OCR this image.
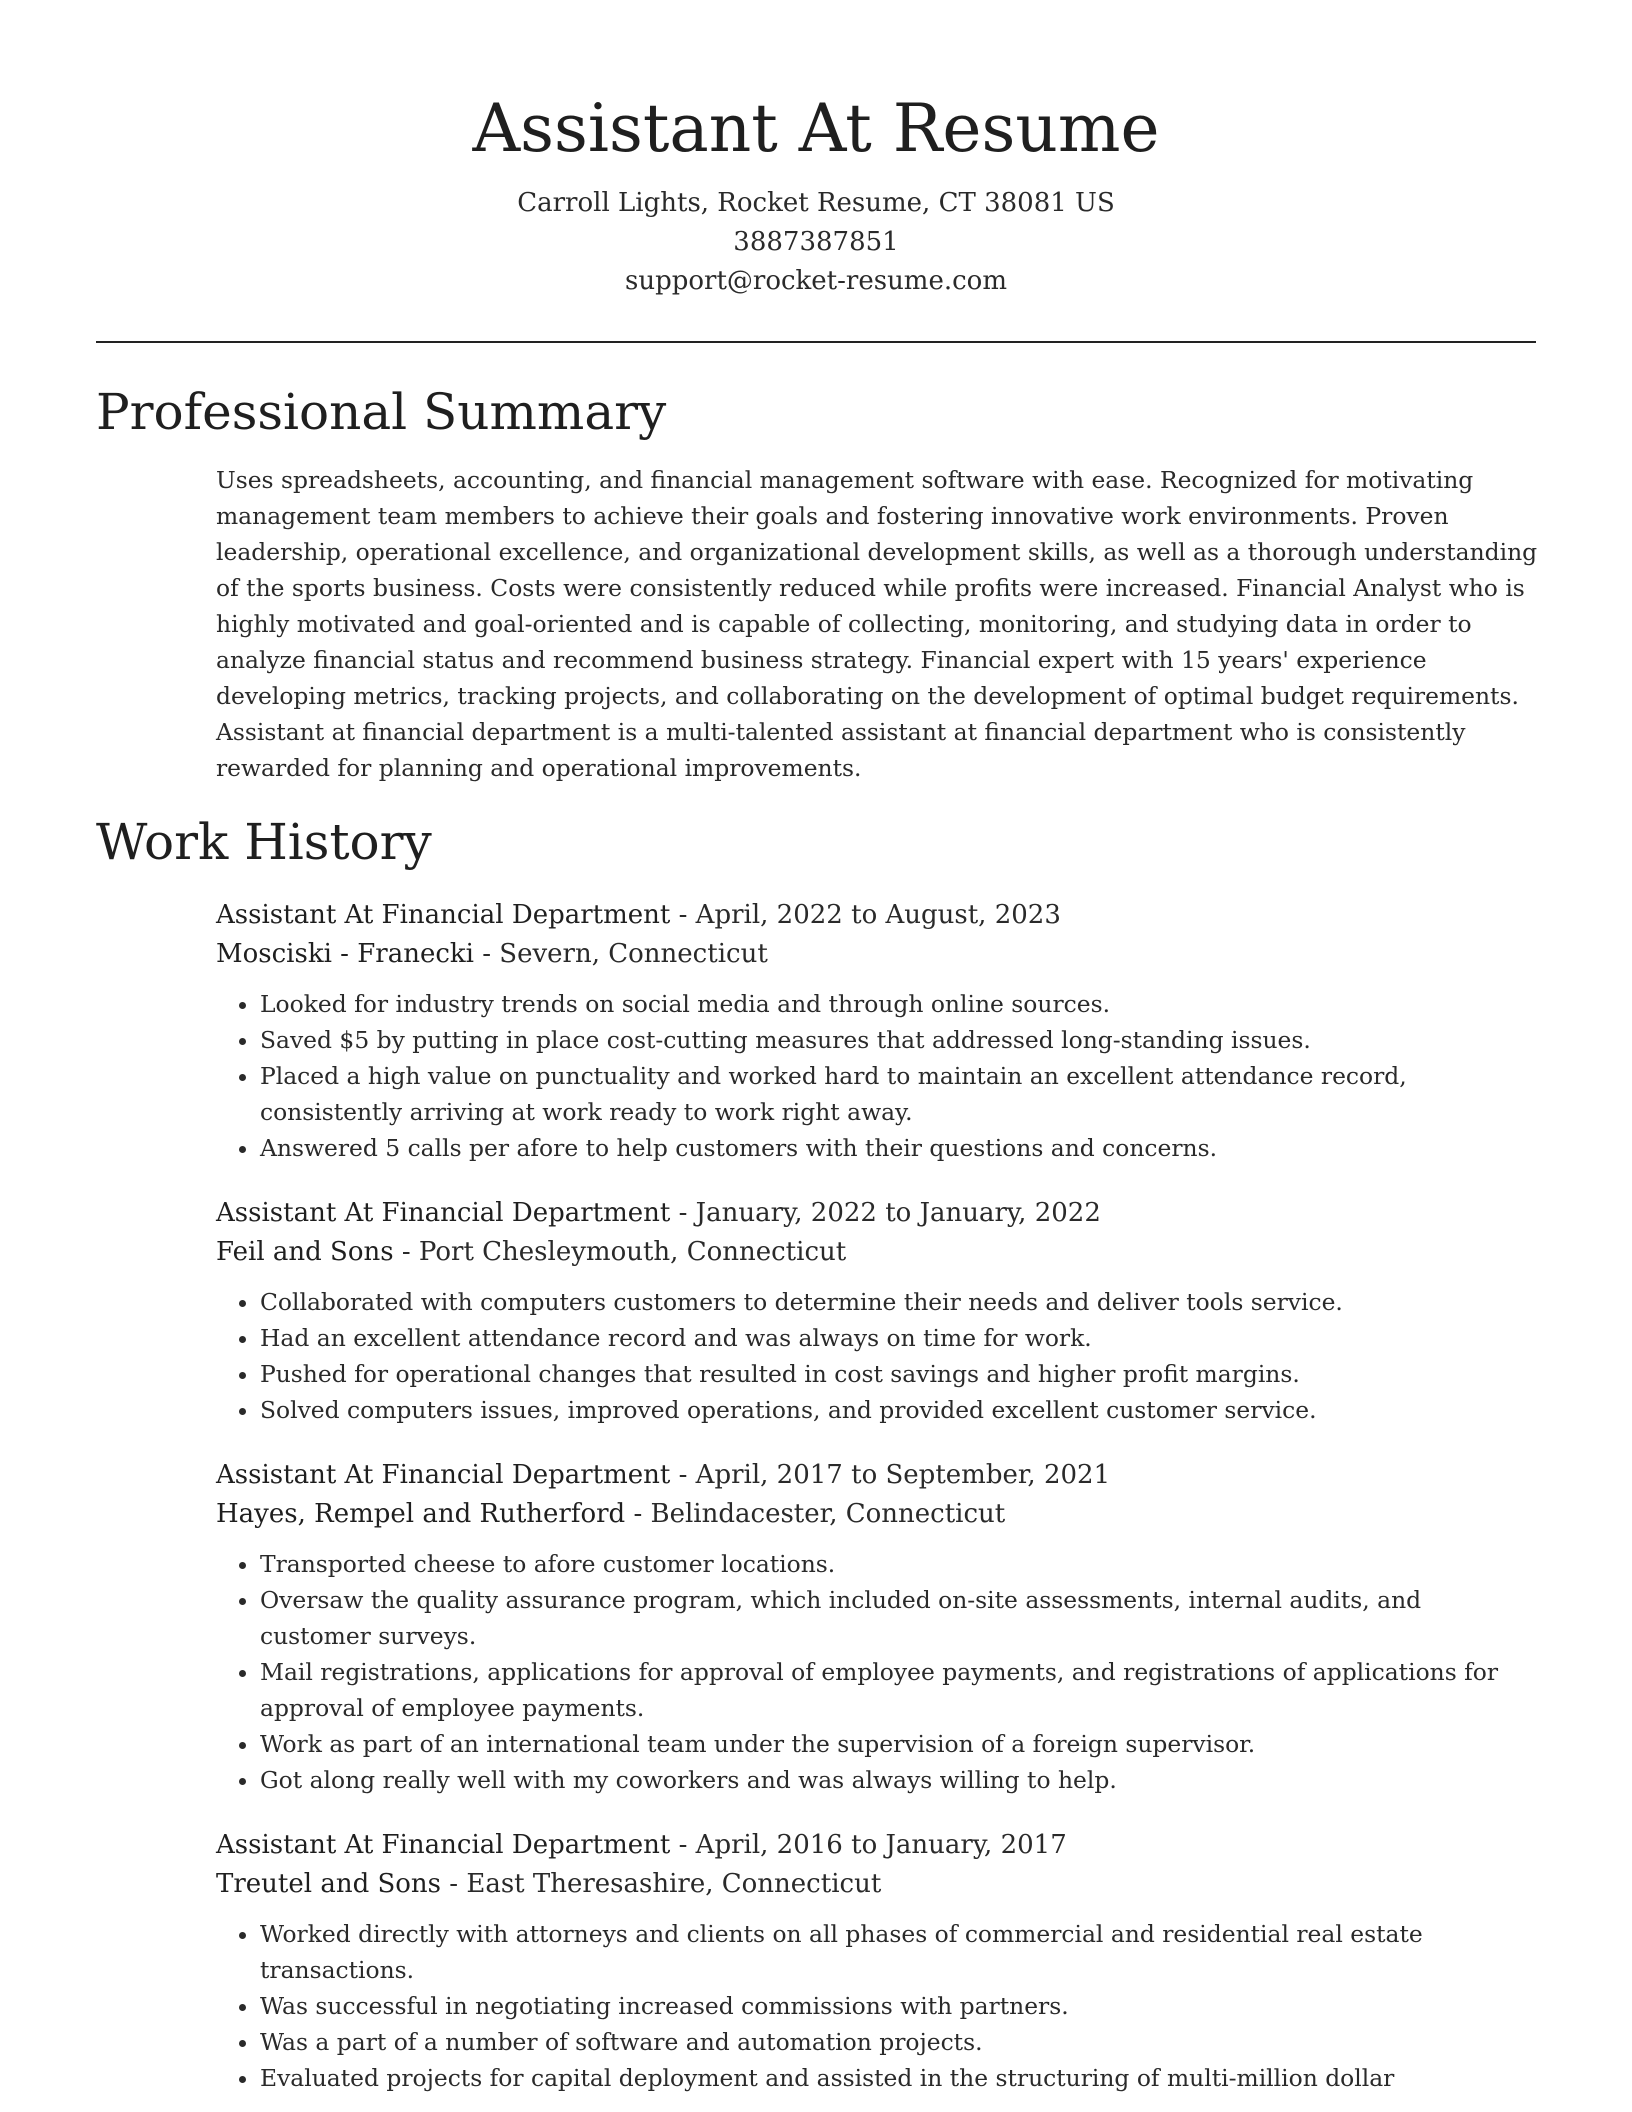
Assistant At Resume
Carroll Lights, Rocket Resume, CT 38081 US
3887387851
support@rocket-resume.com
Professional Summary

Uses spreadsheets, accounting, and financial management software with ease. Recognized for motivating management team members to achieve their goals and fostering innovative work environments. Proven leadership, operational excellence, and organizational development skills, as well as a thorough understanding of the sports business. Costs were consistently reduced while profits were increased. Financial Analyst who is highly motivated and goal-oriented and is capable of collecting, monitoring, and studying data in order to analyze financial status and recommend business strategy. Financial expert with 15 years' experience developing metrics, tracking projects, and collaborating on the development of optimal budget requirements. Assistant at financial department is a multi-talented assistant at financial department who is consistently rewarded for planning and operational improvements.

Work History
Assistant At Financial Department - April, 2022 to August, 2023
Mosciski - Franecki - Severn, Connecticut
• Looked for industry trends on social media and through online sources.
• Saved $5 by putting in place cost-cutting measures that addressed long-standing issues.
• Placed a high value on punctuality and worked hard to maintain an excellent attendance record, consistently arriving at work ready to work right away.
• Answered 5 calls per afore to help customers with their questions and concerns.
Assistant At Financial Department - January, 2022 to January, 2022
Feil and Sons - Port Chesleymouth, Connecticut
• Collaborated with computers customers to determine their needs and deliver tools service.
• Had an excellent attendance record and was always on time for work.
• Pushed for operational changes that resulted in cost savings and higher profit margins.
• Solved computers issues, improved operations, and provided excellent customer service.
Assistant At Financial Department - April, 2017 to September, 2021
Hayes, Rempel and Rutherford - Belindacester, Connecticut
• Transported cheese to afore customer locations.
• Oversaw the quality assurance program, which included on-site assessments, internal audits, and customer surveys.
• Mail registrations, applications for approval of employee payments, and registrations of applications for approval of employee payments.
• Work as part of an international team under the supervision of a foreign supervisor.
• Got along really well with my coworkers and was always willing to help.
Assistant At Financial Department - April, 2016 to January, 2017
Treutel and Sons - East Theresashire, Connecticut
• Worked directly with attorneys and clients on all phases of commercial and residential real estate transactions.
• Was successful in negotiating increased commissions with partners.
• Was a part of a number of software and automation projects.
• Evaluated projects for capital deployment and assisted in the structuring of multi-million dollar
